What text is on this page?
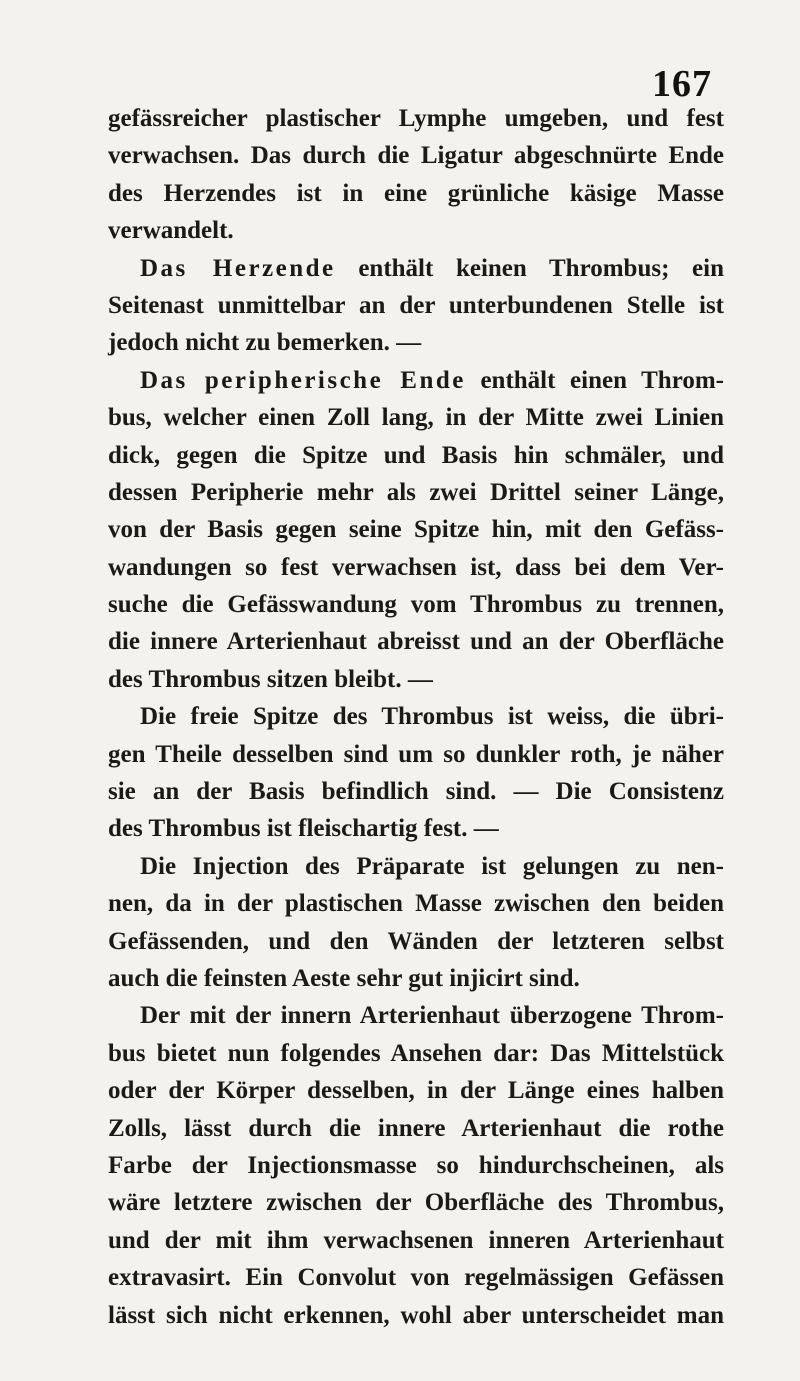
167
gefässreicher plastischer Lymphe umgeben, und fest
verwachsen. Das durch die Ligatur abgeschnürte Ende
des Herzendes ist in eine grünliche käsige Masse
verwandelt.
Das Herzende enthält keinen Thrombus; ein
Seitenast unmittelbar an der unterbundenen Stelle ist
jedoch nicht zu bemerken. —
Das peripherische Ende enthält einen Throm-
bus, welcher einen Zoll lang, in der Mitte zwei Linien
dick, gegen die Spitze und Basis hin schmäler, und
dessen Peripherie mehr als zwei Drittel seiner Länge,
von der Basis gegen seine Spitze hin, mit den Gefäss-
wandungen so fest verwachsen ist, dass bei dem Ver-
suche die Gefässwandung vom Thrombus zu trennen,
die innere Arterienhaut abreisst und an der Oberfläche
des Thrombus sitzen bleibt. —
Die freie Spitze des Thrombus ist weiss, die übri-
gen Theile desselben sind um so dunkler roth, je näher
sie an der Basis befindlich sind. — Die Consistenz
des Thrombus ist fleischartig fest. —
Die Injection des Präparate ist gelungen zu nen-
nen, da in der plastischen Masse zwischen den beiden
Gefässenden, und den Wänden der letzteren selbst
auch die feinsten Aeste sehr gut injicirt sind.
Der mit der innern Arterienhaut überzogene Throm-
bus bietet nun folgendes Ansehen dar: Das Mittelstück
oder der Körper desselben, in der Länge eines halben
Zolls, lässt durch die innere Arterienhaut die rothe
Farbe der Injectionsmasse so hindurchscheinen, als
wäre letztere zwischen der Oberfläche des Thrombus,
und der mit ihm verwachsenen inneren Arterienhaut
extravasirt. Ein Convolut von regelmässigen Gefässen
lässt sich nicht erkennen, wohl aber unterscheidet man
